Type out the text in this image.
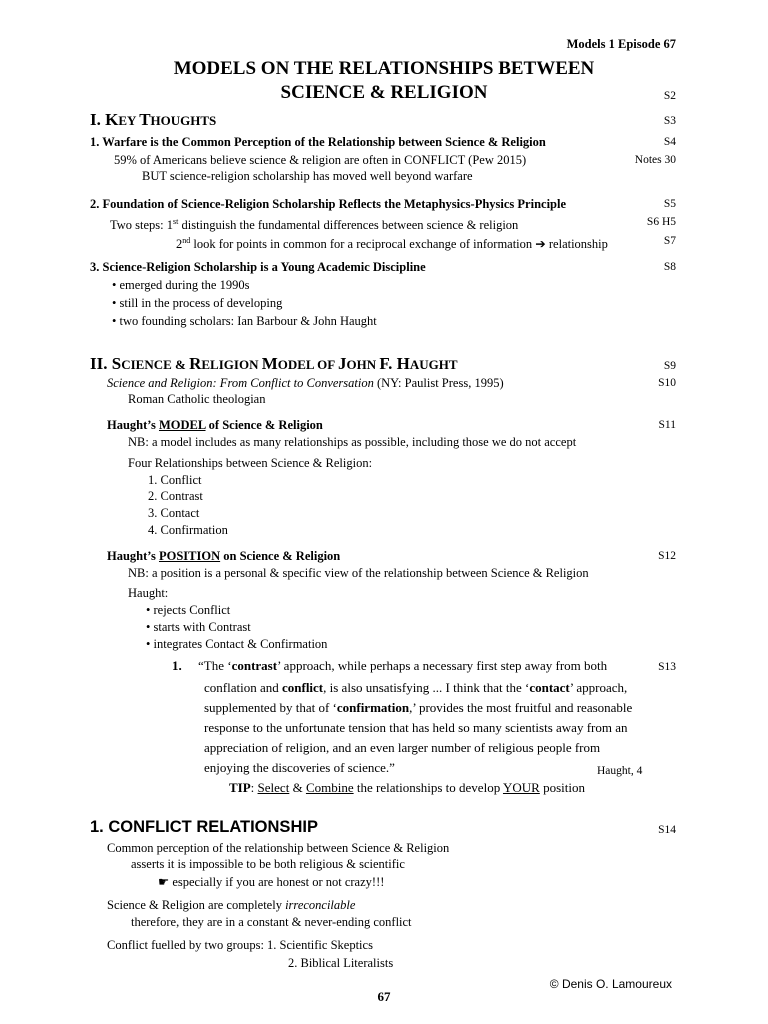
Models 1 Episode 67
MODELS ON THE RELATIONSHIPS BETWEEN
SCIENCE & RELIGION	S2
I. KEY THOUGHTS	S3
1. Warfare is the Common Perception of the Relationship between Science & Religion	S4
59% of Americans believe science & religion are often in CONFLICT (Pew 2015)	Notes 30
BUT science-religion scholarship has moved well beyond warfare
2. Foundation of Science-Religion Scholarship Reflects the Metaphysics-Physics Principle	S5
Two steps: 1st distinguish the fundamental differences between science & religion	S6 H5
2nd look for points in common for a reciprocal exchange of information ➔ relationship	S7
3. Science-Religion Scholarship is a Young Academic Discipline	S8
• emerged during the 1990s
• still in the process of developing
• two founding scholars: Ian Barbour & John Haught
II. SCIENCE & RELIGION MODEL OF JOHN F. HAUGHT	S9
Science and Religion: From Conflict to Conversation (NY: Paulist Press, 1995)	S10
Roman Catholic theologian
Haught’s MODEL of Science & Religion	S11
NB: a model includes as many relationships as possible, including those we do not accept
Four Relationships between Science & Religion:
1. Conflict
2. Contrast
3. Contact
4. Confirmation
Haught’s POSITION on Science & Religion	S12
NB: a position is a personal & specific view of the relationship between Science & Religion
Haught:
• rejects Conflict
• starts with Contrast
• integrates Contact & Confirmation
1. “The ‘contrast’ approach, while perhaps a necessary first step away from both	S13
conflation and conflict, is also unsatisfying ... I think that the ‘contact’ approach,
supplemented by that of ‘confirmation,’ provides the most fruitful and reasonable
response to the unfortunate tension that has held so many scientists away from an
appreciation of religion, and an even larger number of religious people from
enjoying the discoveries of science.”	Haught, 4
TIP: Select & Combine the relationships to develop YOUR position
1. CONFLICT RELATIONSHIP	S14
Common perception of the relationship between Science & Religion
asserts it is impossible to be both religious & scientific
☛ especially if you are honest or not crazy!!!
Science & Religion are completely irreconcilable
therefore, they are in a constant & never-ending conflict
Conflict fuelled by two groups: 1. Scientific Skeptics
2. Biblical Literalists
© Denis O. Lamoureux
67
